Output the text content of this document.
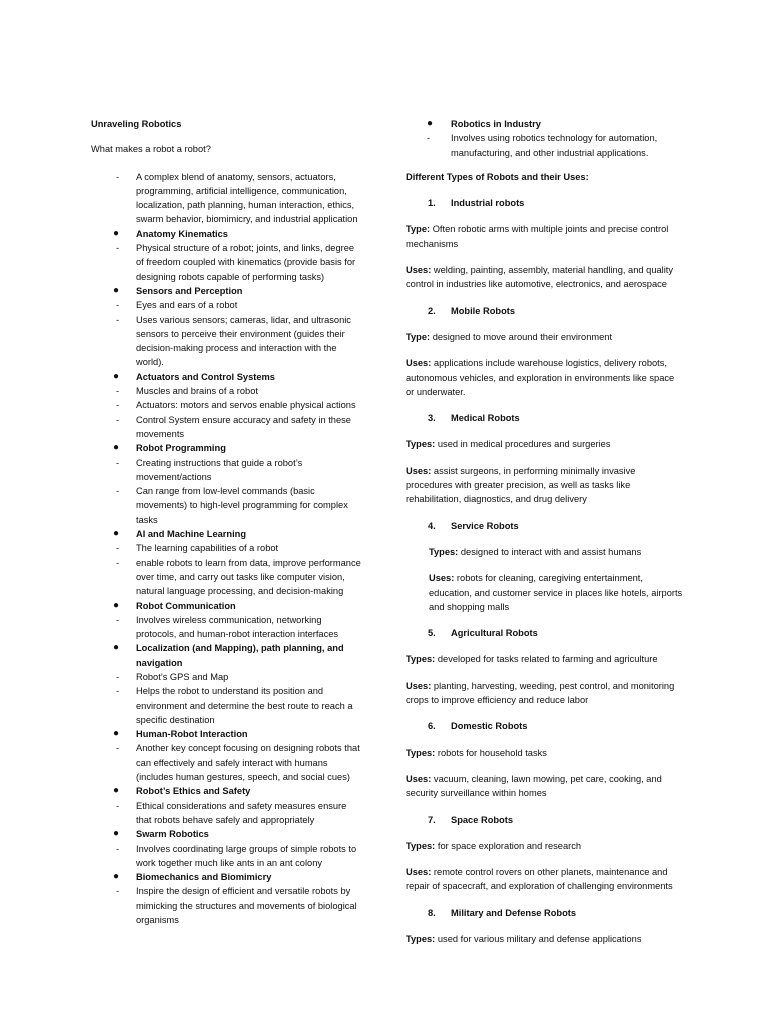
Unraveling Robotics
What makes a robot a robot?
- A complex blend of anatomy, sensors, actuators, programming, artificial intelligence, communication, localization, path planning, human interaction, ethics, swarm behavior, biomimicry, and industrial application
● Anatomy Kinematics
- Physical structure of a robot; joints, and links, degree of freedom coupled with kinematics (provide basis for designing robots capable of performing tasks)
● Sensors and Perception
- Eyes and ears of a robot
- Uses various sensors; cameras, lidar, and ultrasonic sensors to perceive their environment (guides their decision-making process and interaction with the world).
● Actuators and Control Systems
- Muscles and brains of a robot
- Actuators: motors and servos enable physical actions
- Control System ensure accuracy and safety in these movements
● Robot Programming
- Creating instructions that guide a robot’s movement/actions
- Can range from low-level commands (basic movements) to high-level programming for complex tasks
● AI and Machine Learning
- The learning capabilities of a robot
- enable robots to learn from data, improve performance over time, and carry out tasks like computer vision, natural language processing, and decision-making
● Robot Communication
- Involves wireless communication, networking protocols, and human-robot interaction interfaces
● Localization (and Mapping), path planning, and navigation
- Robot’s GPS and Map
- Helps the robot to understand its position and environment and determine the best route to reach a specific destination
● Human-Robot Interaction
- Another key concept focusing on designing robots that can effectively and safely interact with humans (includes human gestures, speech, and social cues)
● Robot’s Ethics and Safety
- Ethical considerations and safety measures ensure that robots behave safely and appropriately
● Swarm Robotics
- Involves coordinating large groups of simple robots to work together much like ants in an ant colony
● Biomechanics and Biomimicry
- Inspire the design of efficient and versatile robots by mimicking the structures and movements of biological organisms
● Robotics in Industry
- Involves using robotics technology for automation, manufacturing, and other industrial applications.
Different Types of Robots and their Uses:
1. Industrial robots
Type: Often robotic arms with multiple joints and precise control mechanisms
Uses: welding, painting, assembly, material handling, and quality control in industries like automotive, electronics, and aerospace
2. Mobile Robots
Type: designed to move around their environment
Uses: applications include warehouse logistics, delivery robots, autonomous vehicles, and exploration in environments like space or underwater.
3. Medical Robots
Types: used in medical procedures and surgeries
Uses: assist surgeons, in performing minimally invasive procedures with greater precision, as well as tasks like rehabilitation, diagnostics, and drug delivery
4. Service Robots
Types: designed to interact with and assist humans
Uses: robots for cleaning, caregiving entertainment, education, and customer service in places like hotels, airports and shopping malls
5. Agricultural Robots
Types: developed for tasks related to farming and agriculture
Uses: planting, harvesting, weeding, pest control, and monitoring crops to improve efficiency and reduce labor
6. Domestic Robots
Types: robots for household tasks
Uses: vacuum, cleaning, lawn mowing, pet care, cooking, and security surveillance within homes
7. Space Robots
Types: for space exploration and research
Uses: remote control rovers on other planets, maintenance and repair of spacecraft, and exploration of challenging environments
8. Military and Defense Robots
Types: used for various military and defense applications
